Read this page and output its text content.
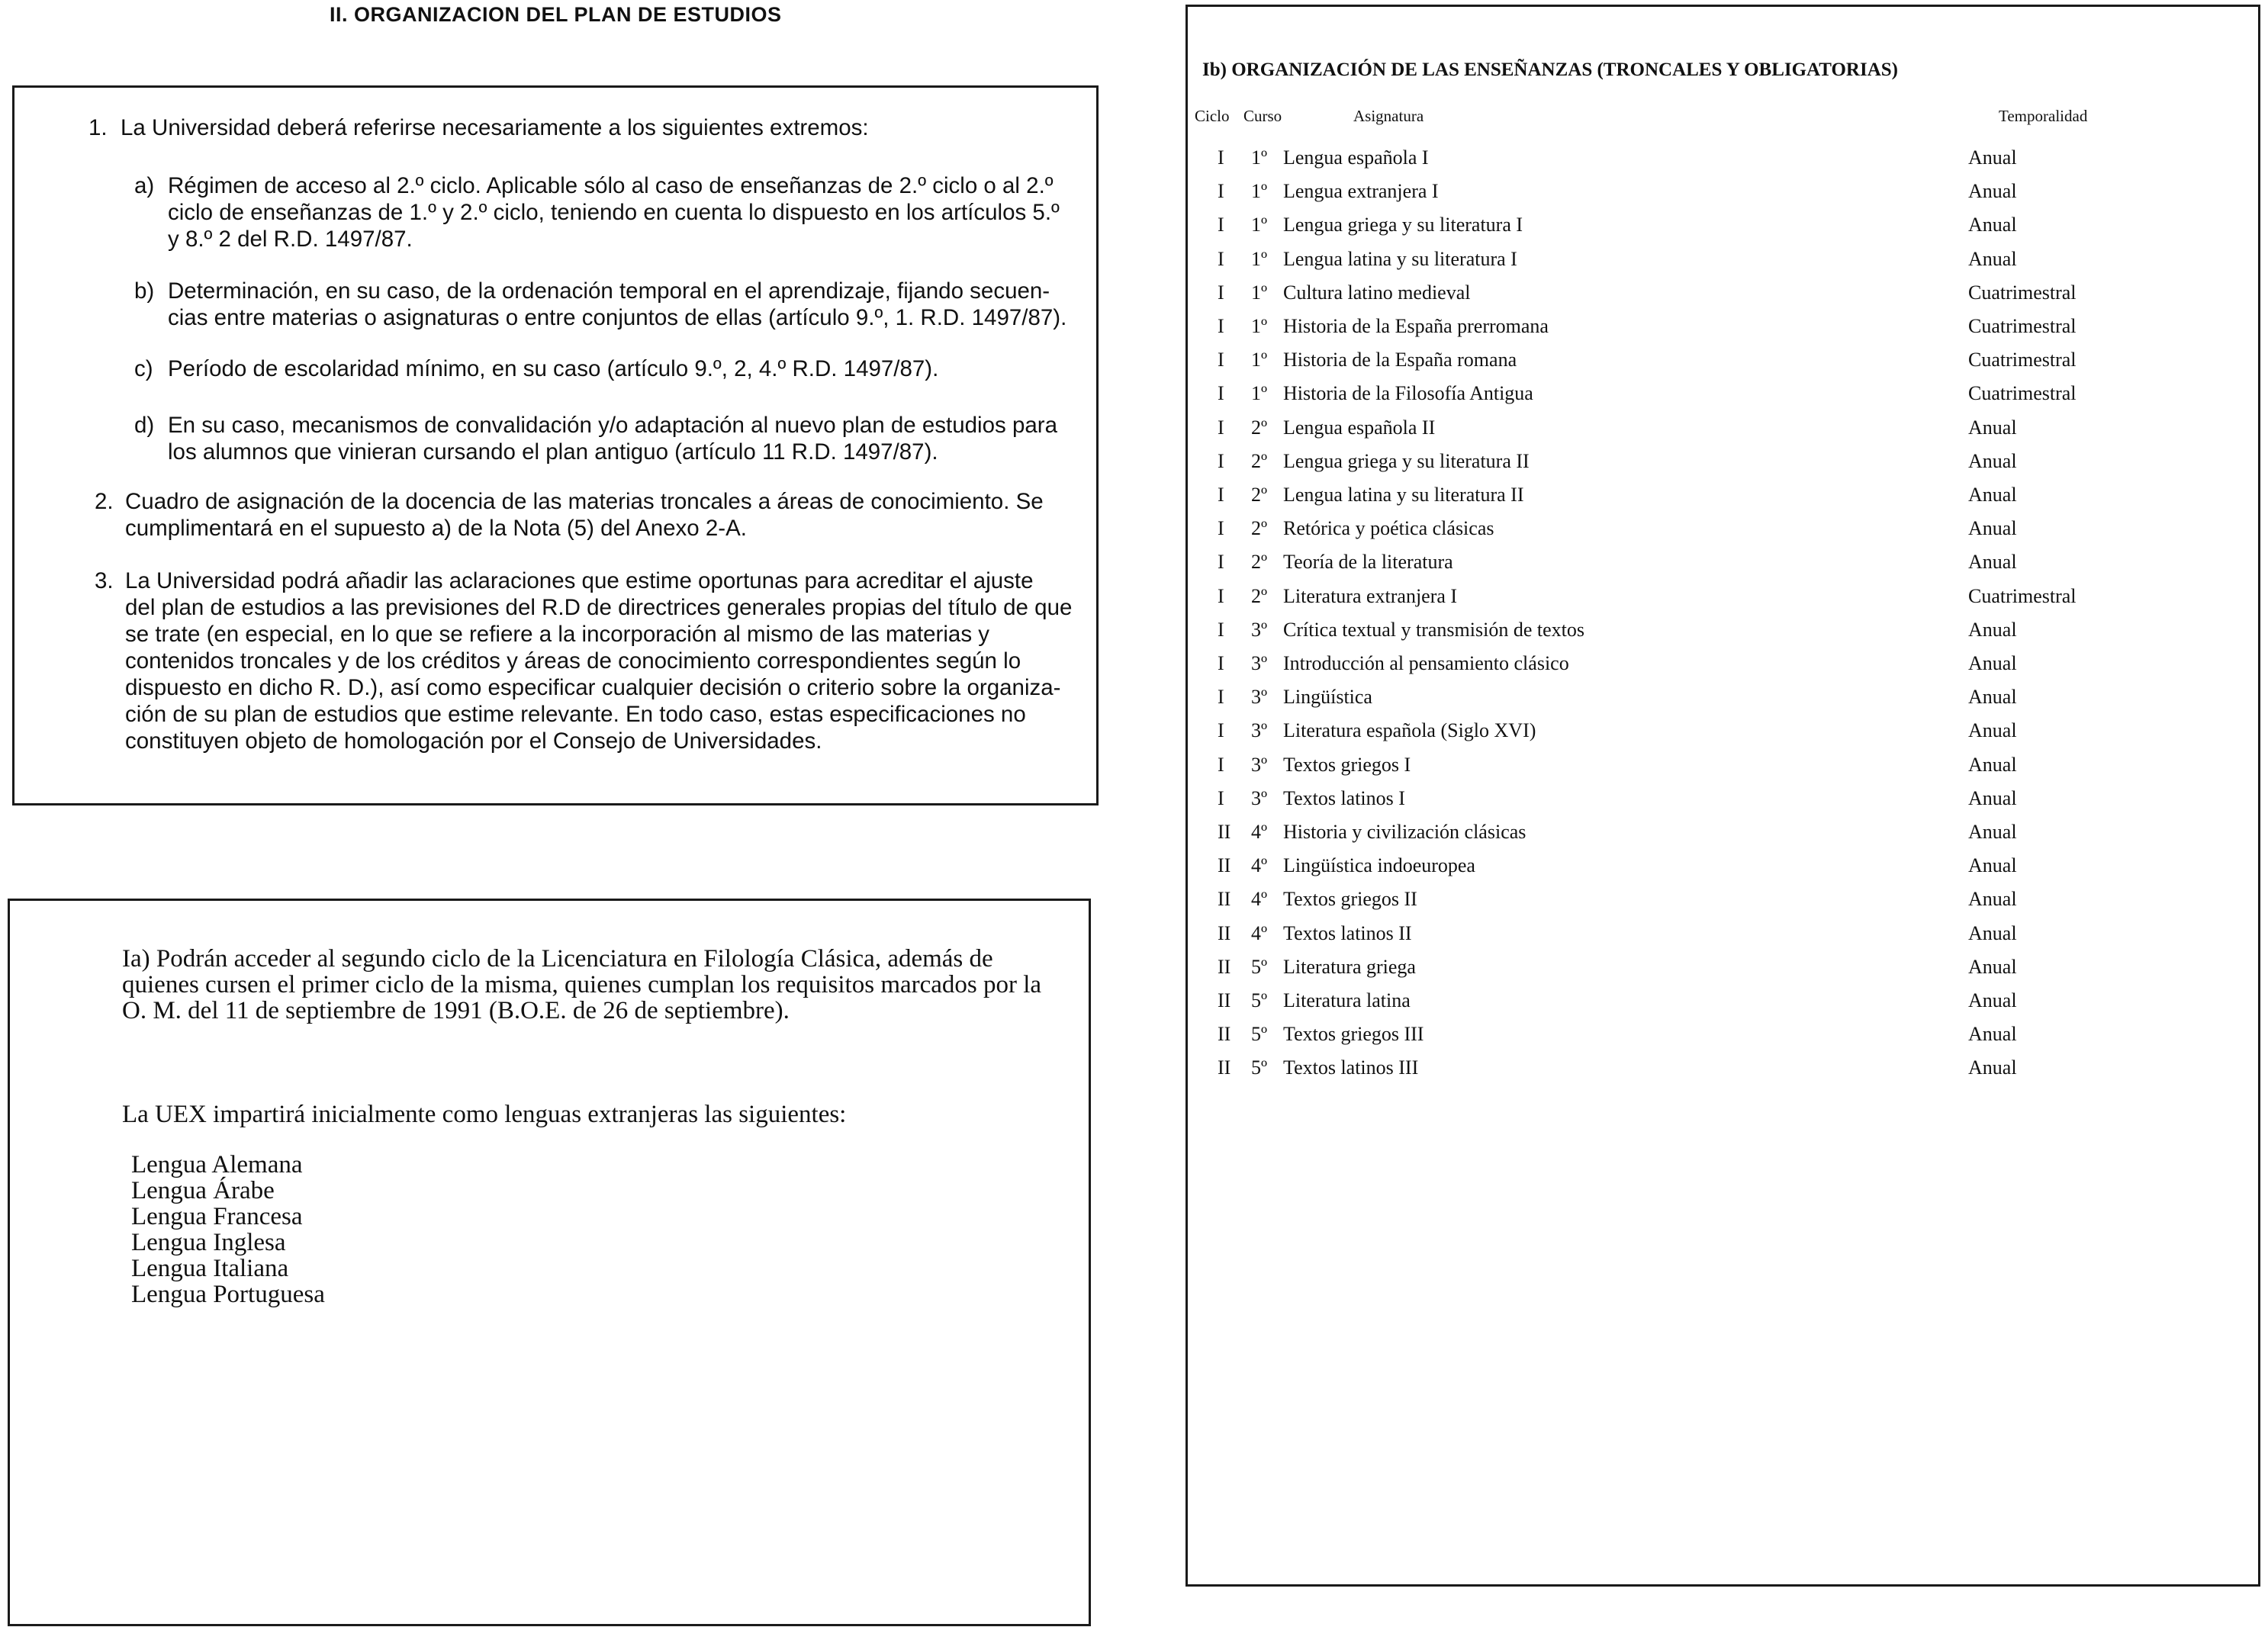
II. ORGANIZACION DEL PLAN DE ESTUDIOS
1. La Universidad deberá referirse necesariamente a los siguientes extremos:

a) Régimen de acceso al 2.º ciclo. Aplicable sólo al caso de enseñanzas de 2.º ciclo o al 2.º

ciclo de enseñanzas de 1.º y 2.º ciclo, teniendo en cuenta lo dispuesto en los artículos 5.º

y 8.º 2 del R.D. 1497/87.

b) Determinación, en su caso, de la ordenación temporal en el aprendizaje, fijando secuen-

cias entre materias o asignaturas o entre conjuntos de ellas (artículo 9.º, 1. R.D. 1497/87).

c) Período de escolaridad mínimo, en su caso (artículo 9.º, 2, 4.º R.D. 1497/87).

d) En su caso, mecanismos de convalidación y/o adaptación al nuevo plan de estudios para

los alumnos que vinieran cursando el plan antiguo (artículo 11 R.D. 1497/87).

2. Cuadro de asignación de la docencia de las materias troncales a áreas de conocimiento. Se

cumplimentará en el supuesto a) de la Nota (5) del Anexo 2-A.

3. La Universidad podrá añadir las aclaraciones que estime oportunas para acreditar el ajuste

del plan de estudios a las previsiones del R.D de directrices generales propias del título de que

se trate (en especial, en lo que se refiere a la incorporación al mismo de las materias y

contenidos troncales y de los créditos y áreas de conocimiento correspondientes según lo

dispuesto en dicho R. D.), así como especificar cualquier decisión o criterio sobre la organiza-

ción de su plan de estudios que estime relevante. En todo caso, estas especificaciones no

constituyen objeto de homologación por el Consejo de Universidades.

Ia) Podrán acceder al segundo ciclo de la Licenciatura en Filología Clásica, además de

quienes cursen el primer ciclo de la misma, quienes cumplan los requisitos marcados por la

O. M. del 11 de septiembre de 1991 (B.O.E. de 26 de septiembre).

La UEX impartirá inicialmente como lenguas extranjeras las siguientes:

Lengua Alemana
Lengua Árabe
Lengua Francesa
Lengua Inglesa
Lengua Italiana
Lengua Portuguesa
Ib) ORGANIZACIÓN DE LAS ENSEÑANZAS (TRONCALES Y OBLIGATORIAS)
Ciclo Curso	Asignatura	Temporalidad
I 1º Lengua española I	Anual
I 1º Lengua extranjera I	Anual
I 1º Lengua griega y su literatura I	Anual
I 1º Lengua latina y su literatura I	Anual
I 1º Cultura latino medieval	Cuatrimestral
I 1º Historia de la España prerromana	Cuatrimestral
I 1º Historia de la España romana	Cuatrimestral
I 1º Historia de la Filosofía Antigua	Cuatrimestral
I 2º Lengua española II	Anual
I 2º Lengua griega y su literatura II	Anual
I 2º Lengua latina y su literatura II	Anual
I 2º Retórica y poética clásicas	Anual
I 2º Teoría de la literatura	Anual
I 2º Literatura extranjera I	Cuatrimestral
I 3º Crítica textual y transmisión de textos	Anual
I 3º Introducción al pensamiento clásico	Anual
I 3º Lingüística	Anual
I 3º Literatura española (Siglo XVI)	Anual
I 3º Textos griegos I	Anual
I 3º Textos latinos I	Anual
II 4º Historia y civilización clásicas	Anual
II 4º Lingüística indoeuropea	Anual
II 4º Textos griegos II	Anual
II 4º Textos latinos II	Anual
II 5º Literatura griega	Anual
II 5º Literatura latina	Anual
II 5º Textos griegos III	Anual
II 5º Textos latinos III	Anual
